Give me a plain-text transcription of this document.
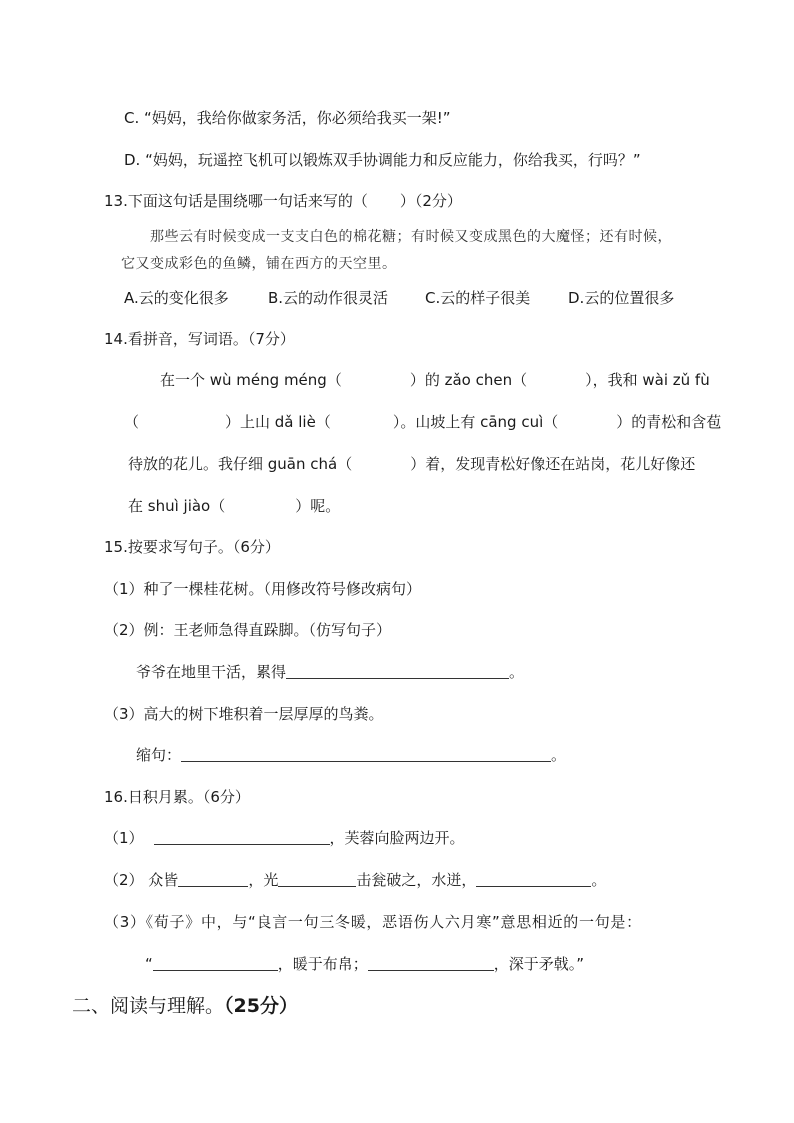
C. “妈妈，我给你做家务活，你必须给我买一架!”
D. “妈妈，玩遥控飞机可以锻炼双手协调能力和反应能力，你给我买，行吗？”
13.下面这句话是围绕哪一句话来写的（ ）（2分）
那些云有时候变成一支支白色的棉花糖；有时候又变成黑色的大魔怪；还有时候，
它又变成彩色的鱼鳞，铺在西方的天空里。
A.云的变化很多	B.云的动作很灵活 C.云的样子很美	D.云的位置很多
14.看拼音，写词语。（7分）
在一个 wù méng méng（	）的 zǎo chen（	），我和 wài zǔ fù
（	）上山 dǎ liè（	）。山坡上有 cāng cuì（	）的青松和含苞
待放的花儿。我仔细 guān chá（	）着，发现青松好像还在站岗，花儿好像还
在 shuì jiào（	）呢。
15.按要求写句子。（6分）
（1）种了一棵桂花树。（用修改符号修改病句）
（2）例：王老师急得直跺脚。（仿写句子）
爷爷在地里干活，累得	。
（3）高大的树下堆积着一层厚厚的鸟粪。
缩句：	。
16.日积月累。（6分）
（1）	，芙蓉向脸两边开。
（2） 众皆	，光	击瓮破之，水迸，	。
（3）《荀子》中，与“良言一句三冬暖，恶语伤人六月寒”意思相近的一句是：
“	，暖于布帛；	，深于矛戟。”
二、阅读与理解。（25分）
